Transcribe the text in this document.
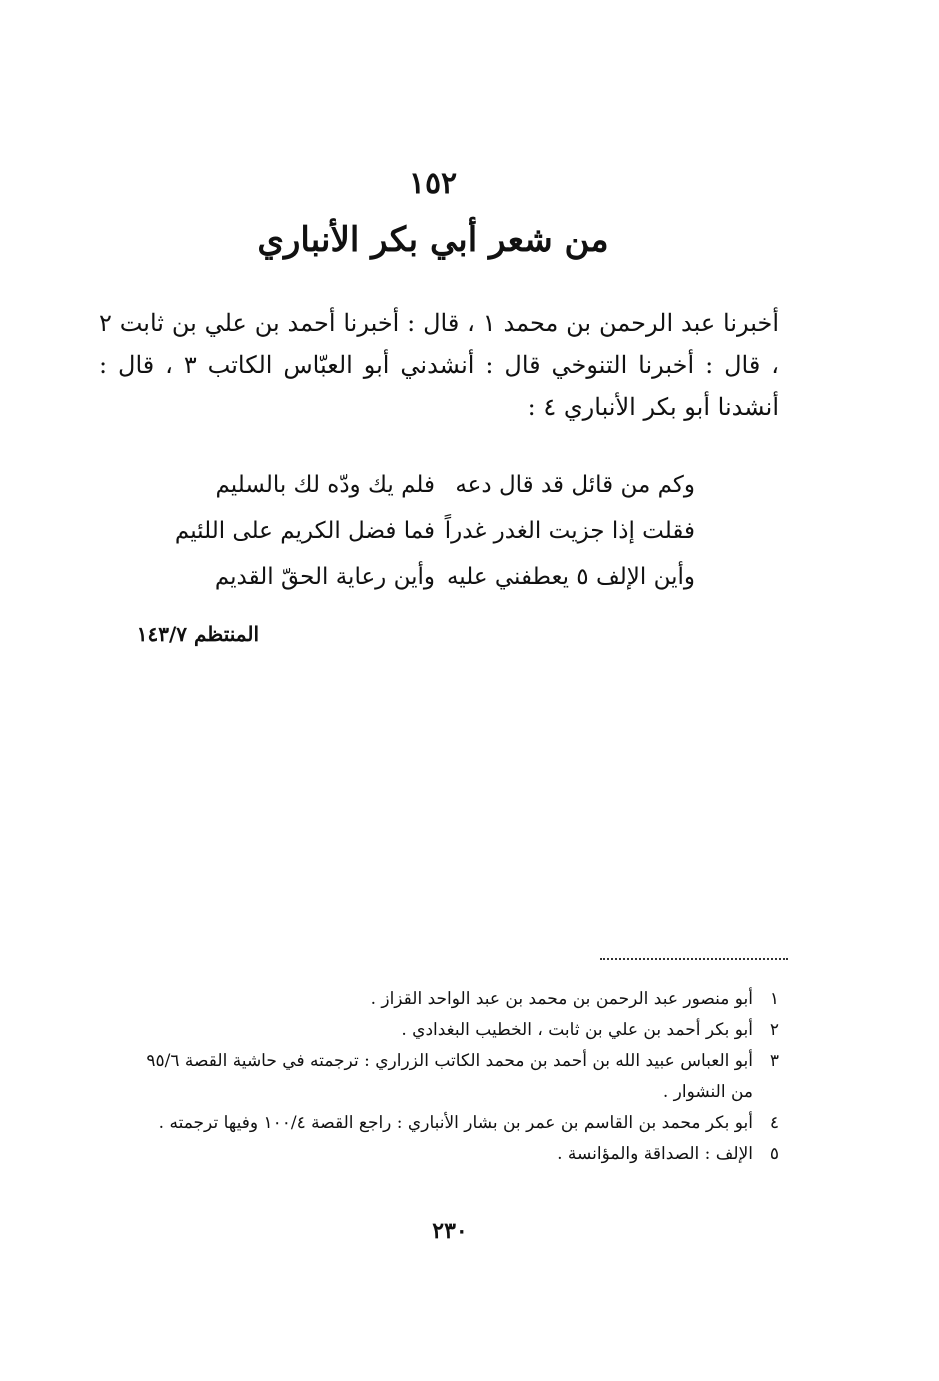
١٥٢
من شعر أبي بكر الأنباري

أخبرنا عبد الرحمن بن محمد ١ ، قال : أخبرنا أحمد بن علي بن ثابت ٢ ، قال : أخبرنا التنوخي قال : أنشدني أبو العبّاس الكاتب ٣ ، قال : أنشدنا أبو بكر الأنباري ٤ :

وكم من قائل قد قال دعه
فلم يك ودّه لك بالسليم
فقلت إذا جزيت الغدر غدراً
فما فضل الكريم على اللئيم
وأين الإلف ٥ يعطفني عليه
وأين رعاية الحقّ القديم
المنتظم ١٤٣/٧
١
أبو منصور عبد الرحمن بن محمد بن عبد الواحد القزاز .
٢
أبو بكر أحمد بن علي بن ثابت ، الخطيب البغدادي .
٣
أبو العباس عبيد الله بن أحمد بن محمد الكاتب الزراري : ترجمته في حاشية القصة ٩٥/٦ من النشوار .
٤
أبو بكر محمد بن القاسم بن عمر بن بشار الأنباري : راجع القصة ١٠٠/٤ وفيها ترجمته .
٥
الإلف : الصداقة والمؤانسة .
٢٣٠
